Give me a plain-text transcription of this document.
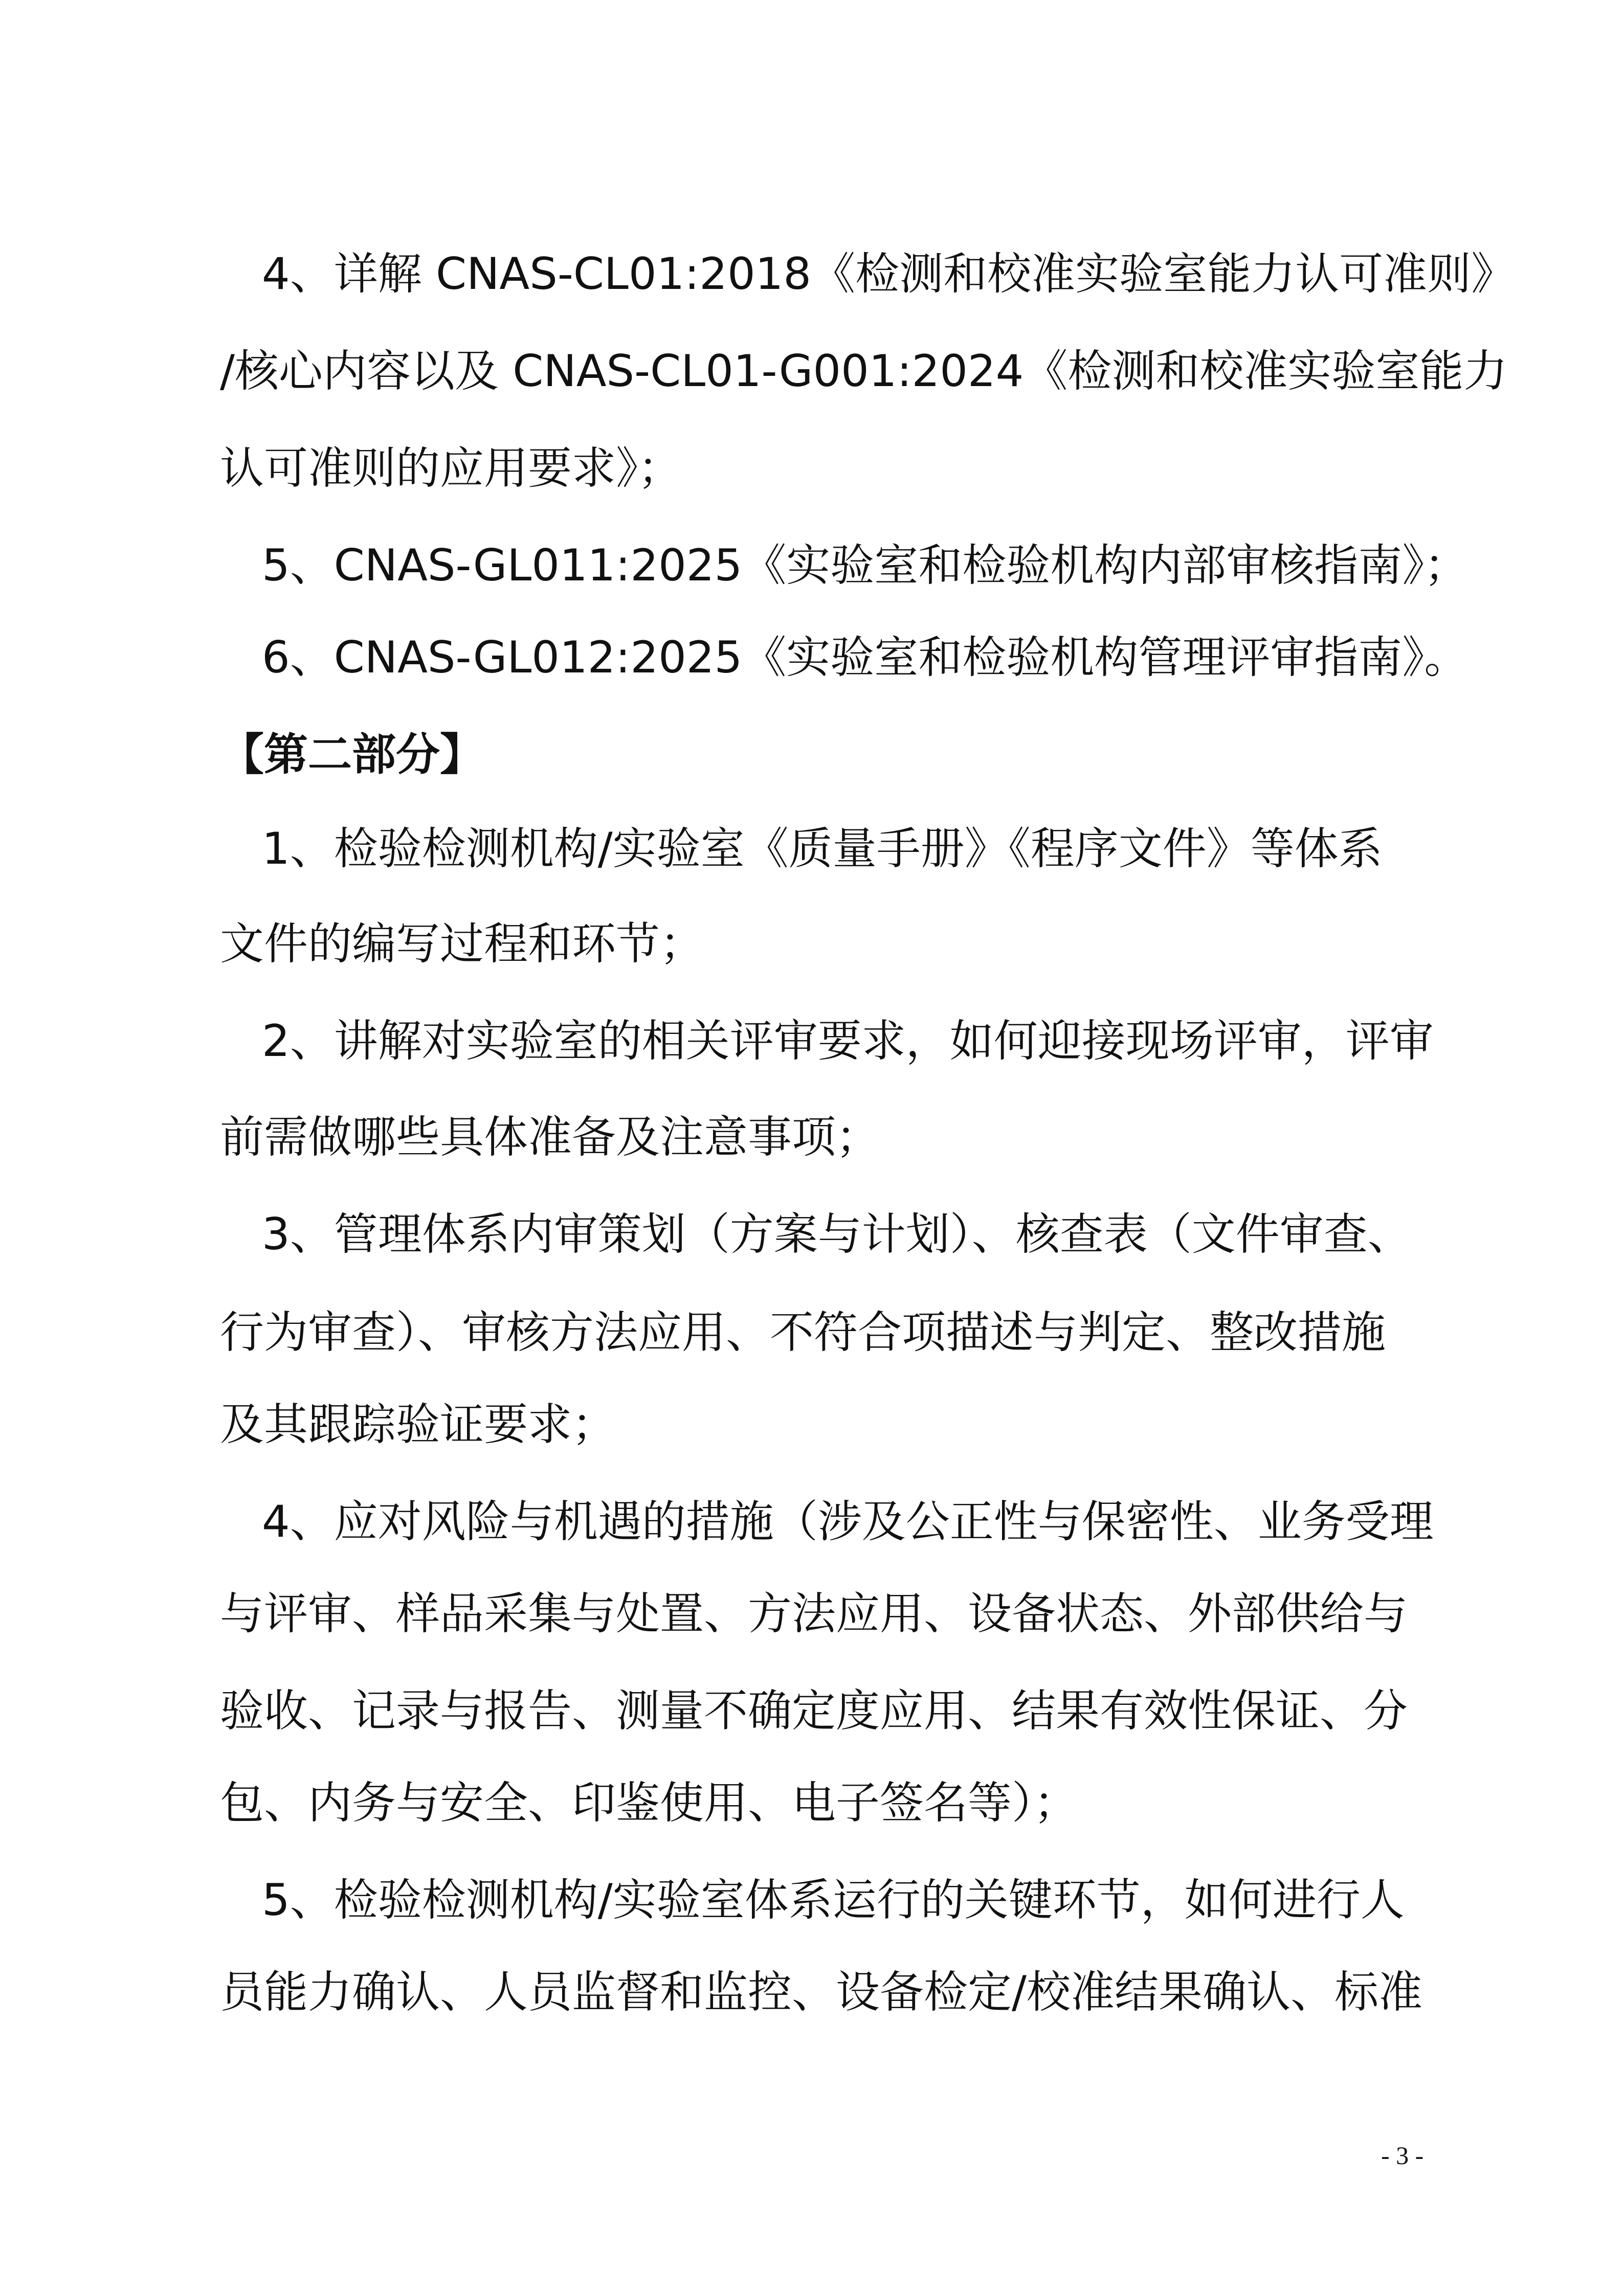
4、详解 CNAS-CL01:2018《检测和校准实验室能力认可准则》
/核心内容以及 CNAS-CL01-G001:2024《检测和校准实验室能力
认可准则的应用要求》；
5、CNAS-GL011:2025《实验室和检验机构内部审核指南》；
6、CNAS-GL012:2025《实验室和检验机构管理评审指南》。
【第二部分】
1、检验检测机构/实验室《质量手册》《程序文件》等体系
文件的编写过程和环节；
2、讲解对实验室的相关评审要求，如何迎接现场评审，评审
前需做哪些具体准备及注意事项；
3、管理体系内审策划（方案与计划）、核查表（文件审查、
行为审查）、审核方法应用、不符合项描述与判定、整改措施
及其跟踪验证要求；
4、应对风险与机遇的措施（涉及公正性与保密性、业务受理
与评审、样品采集与处置、方法应用、设备状态、外部供给与
验收、记录与报告、测量不确定度应用、结果有效性保证、分
包、内务与安全、印鉴使用、电子签名等）；
5、检验检测机构/实验室体系运行的关键环节，如何进行人
员能力确认、人员监督和监控、设备检定/校准结果确认、标准
- 3 -
